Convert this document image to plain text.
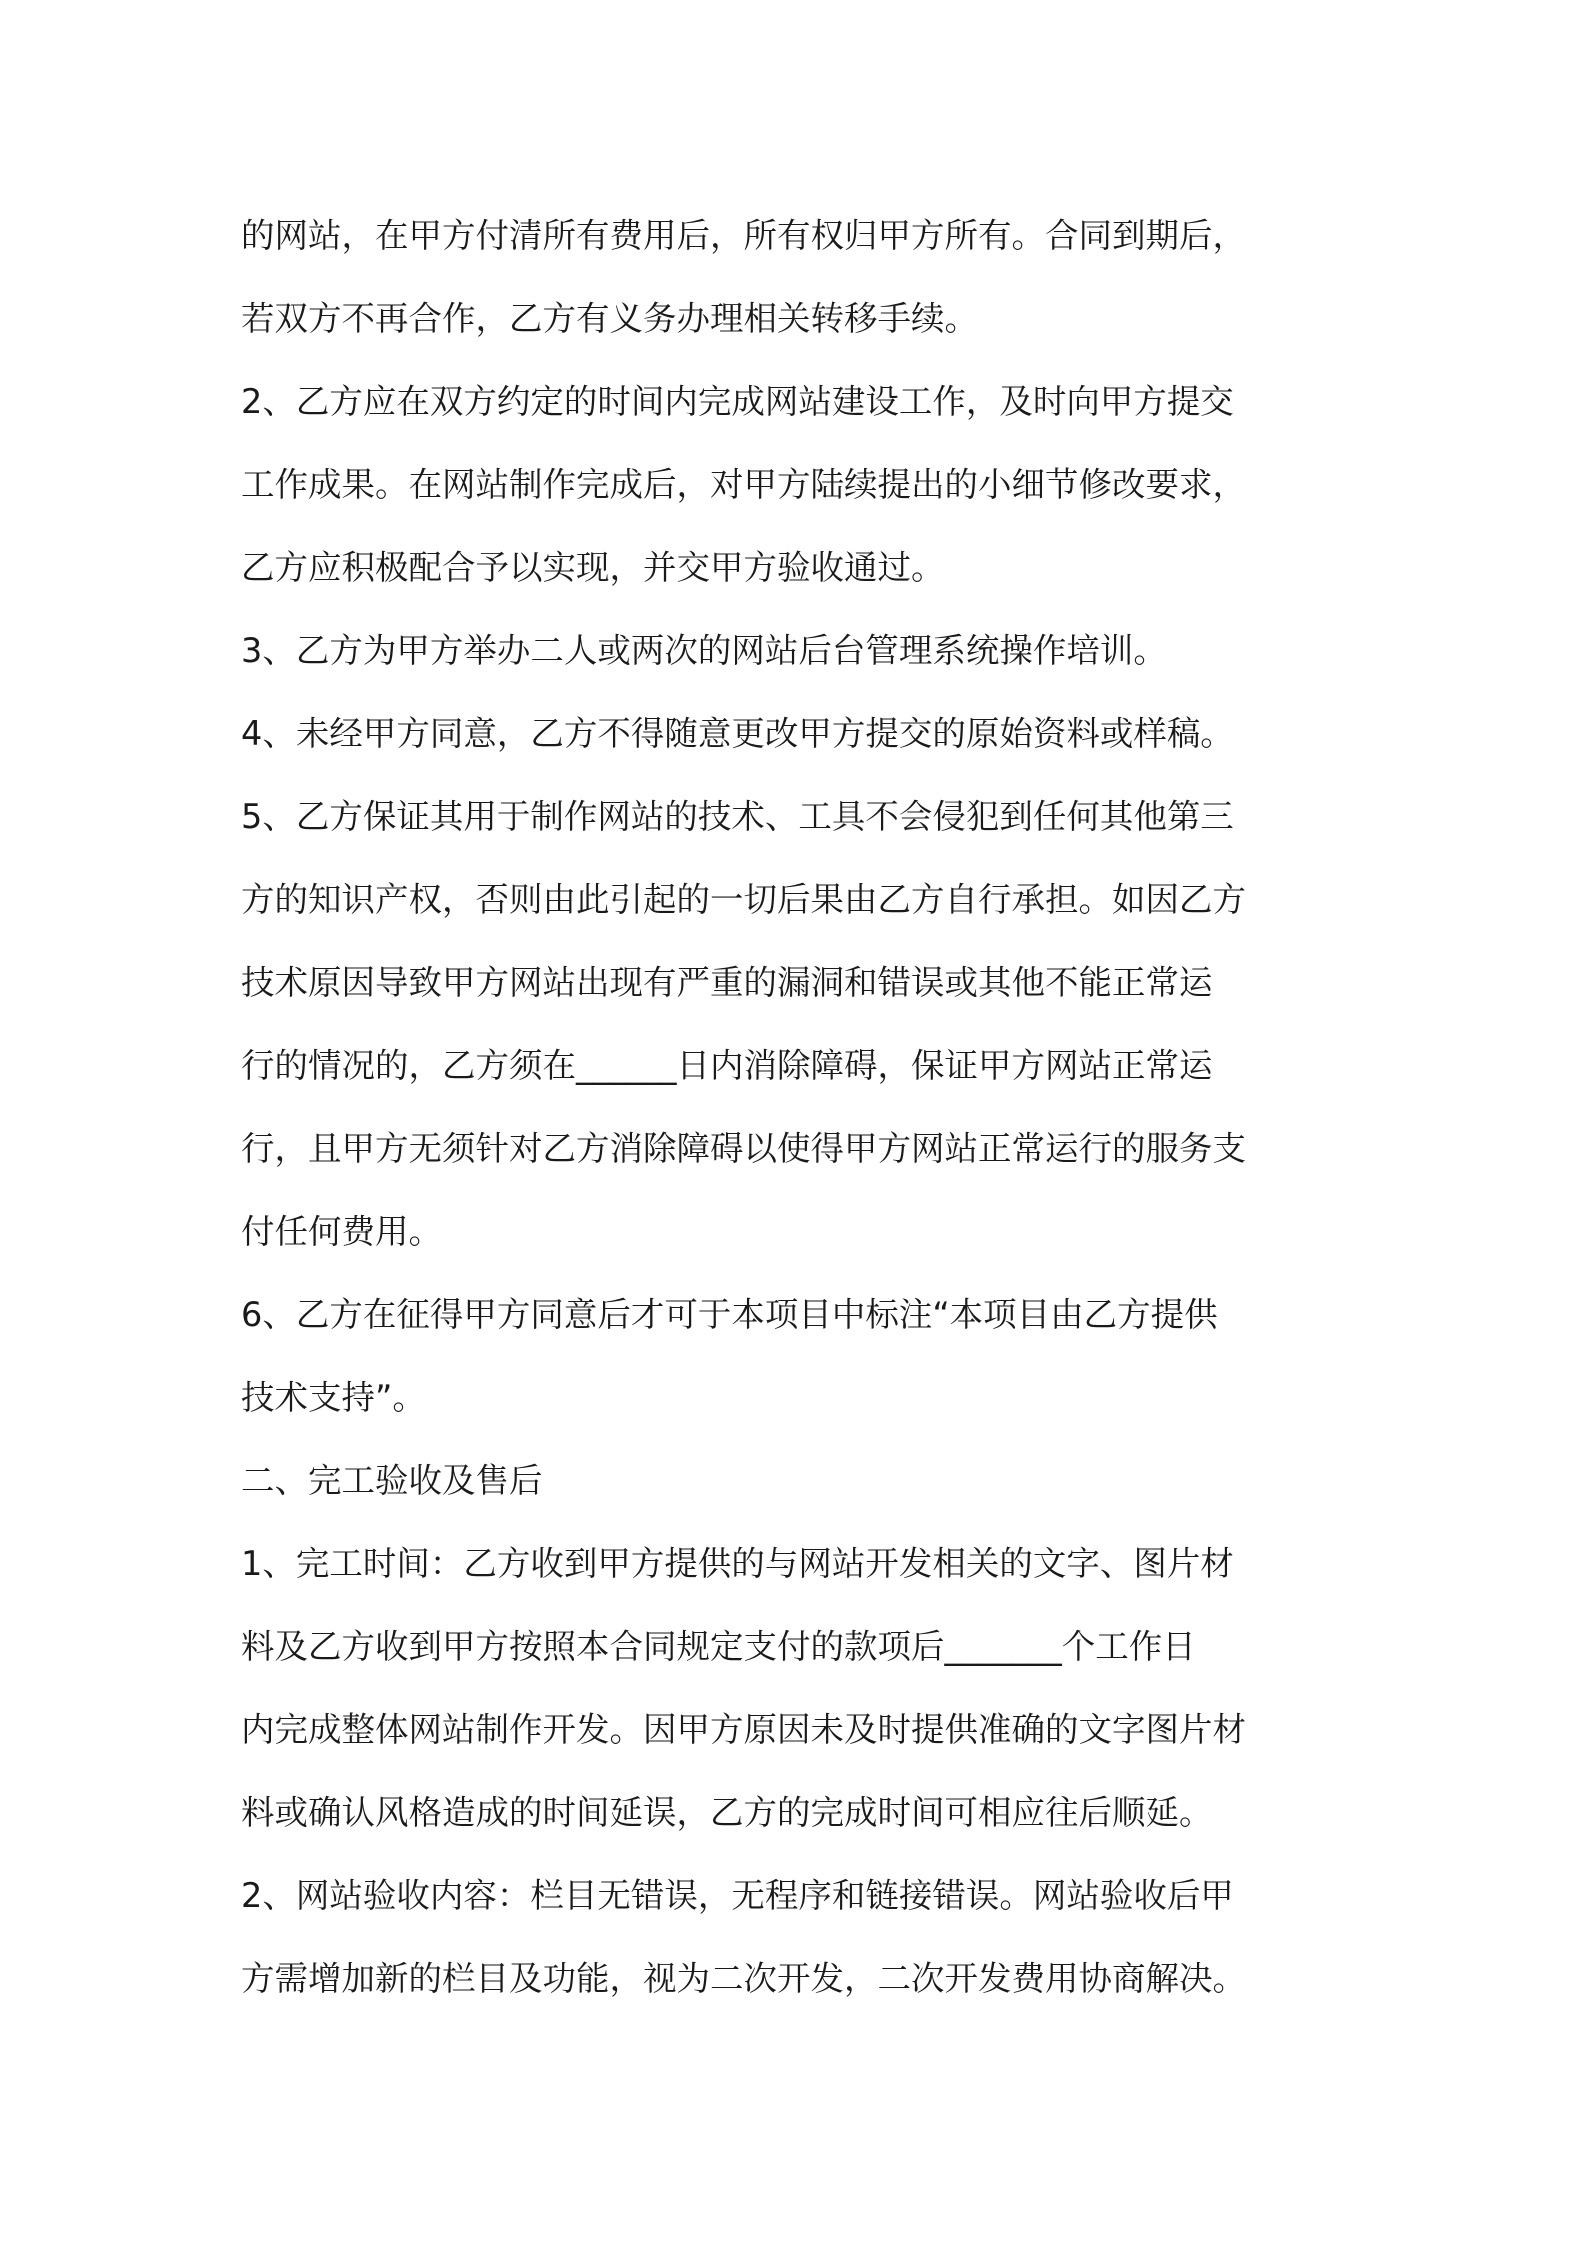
的网站，在甲方付清所有费用后，所有权归甲方所有。合同到期后，
若双方不再合作，乙方有义务办理相关转移手续。
2、乙方应在双方约定的时间内完成网站建设工作，及时向甲方提交
工作成果。在网站制作完成后，对甲方陆续提出的小细节修改要求，
乙方应积极配合予以实现，并交甲方验收通过。
3、乙方为甲方举办二人或两次的网站后台管理系统操作培训。
4、未经甲方同意，乙方不得随意更改甲方提交的原始资料或样稿。
5、乙方保证其用于制作网站的技术、工具不会侵犯到任何其他第三
方的知识产权，否则由此引起的一切后果由乙方自行承担。如因乙方
技术原因导致甲方网站出现有严重的漏洞和错误或其他不能正常运
行的情况的，乙方须在______日内消除障碍，保证甲方网站正常运
行，且甲方无须针对乙方消除障碍以使得甲方网站正常运行的服务支
付任何费用。
6、乙方在征得甲方同意后才可于本项目中标注“本项目由乙方提供
技术支持”。
二、完工验收及售后
1、完工时间：乙方收到甲方提供的与网站开发相关的文字、图片材
料及乙方收到甲方按照本合同规定支付的款项后_______个工作日
内完成整体网站制作开发。因甲方原因未及时提供准确的文字图片材
料或确认风格造成的时间延误，乙方的完成时间可相应往后顺延。
2、网站验收内容：栏目无错误，无程序和链接错误。网站验收后甲
方需增加新的栏目及功能，视为二次开发，二次开发费用协商解决。
